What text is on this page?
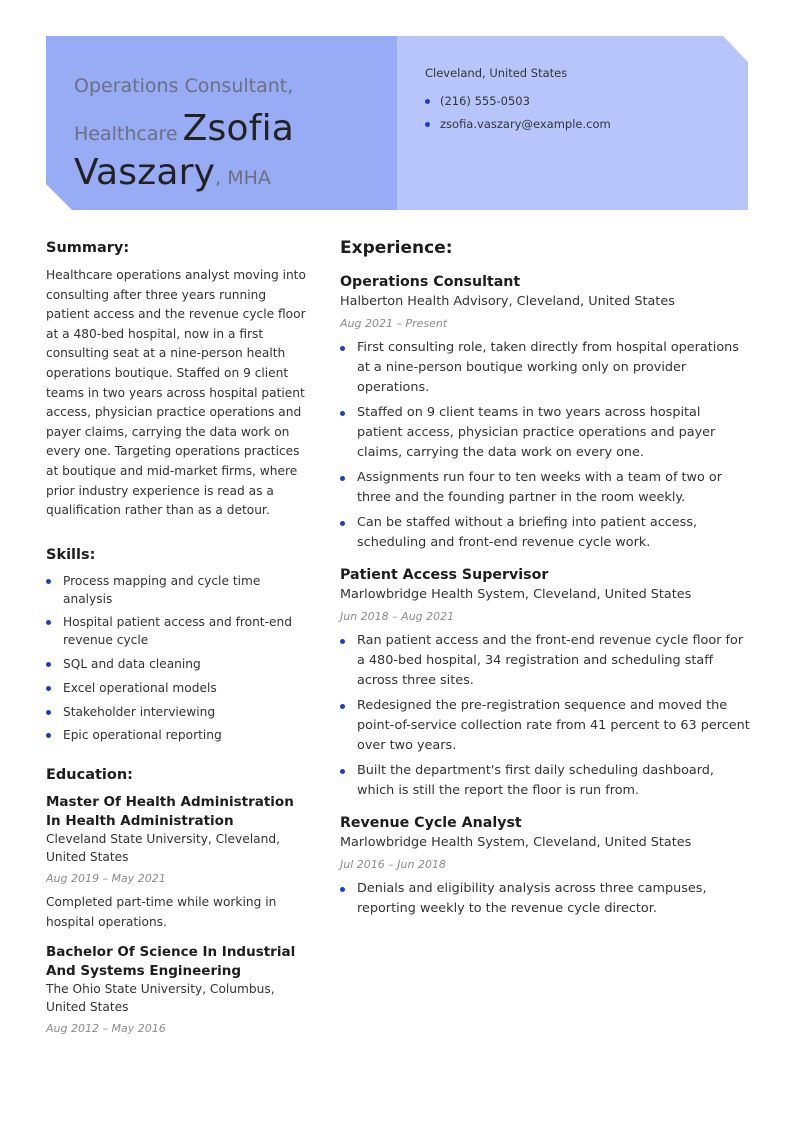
Operations Consultant,
Healthcare Zsofia
Vaszary, MHA
Cleveland, United States
(216) 555-0503
zsofia.vaszary@example.com
Summary:

Healthcare operations analyst moving into consulting after three years running patient access and the revenue cycle floor at a 480-bed hospital, now in a first consulting seat at a nine-person health operations boutique. Staffed on 9 client teams in two years across hospital patient access, physician practice operations and payer claims, carrying the data work on every one. Targeting operations practices at boutique and mid-market firms, where prior industry experience is read as a qualification rather than as a detour.

Skills:
Process mapping and cycle time analysis
Hospital patient access and front-end revenue cycle
SQL and data cleaning
Excel operational models
Stakeholder interviewing
Epic operational reporting
Education:
Master Of Health Administration In Health Administration
Cleveland State University, Cleveland, United States
Aug 2019 – May 2021
Completed part-time while working in hospital operations.
Bachelor Of Science In Industrial And Systems Engineering
The Ohio State University, Columbus, United States
Aug 2012 – May 2016
Experience:
Operations Consultant
Halberton Health Advisory, Cleveland, United States
Aug 2021 – Present
First consulting role, taken directly from hospital operations at a nine-person boutique working only on provider operations.
Staffed on 9 client teams in two years across hospital patient access, physician practice operations and payer claims, carrying the data work on every one.
Assignments run four to ten weeks with a team of two or three and the founding partner in the room weekly.
Can be staffed without a briefing into patient access, scheduling and front-end revenue cycle work.
Patient Access Supervisor
Marlowbridge Health System, Cleveland, United States
Jun 2018 – Aug 2021
Ran patient access and the front-end revenue cycle floor for a 480-bed hospital, 34 registration and scheduling staff across three sites.
Redesigned the pre-registration sequence and moved the point-of-service collection rate from 41 percent to 63 percent over two years.
Built the department's first daily scheduling dashboard, which is still the report the floor is run from.
Revenue Cycle Analyst
Marlowbridge Health System, Cleveland, United States
Jul 2016 – Jun 2018
Denials and eligibility analysis across three campuses, reporting weekly to the revenue cycle director.
